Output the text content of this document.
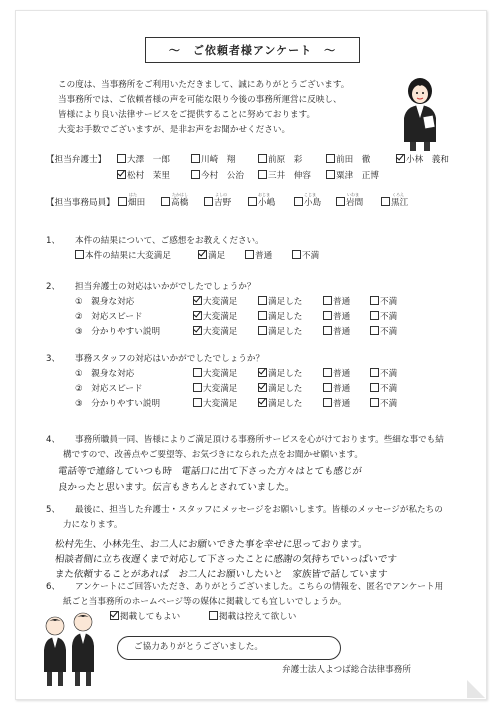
～　ご依頼者様アンケート　～
この度は、当事務所をご利用いただきまして、誠にありがとうございます。
当事務所では、ご依頼者様の声を可能な限り今後の事務所運営に反映し、
皆様により良い法律サービスをご提供することに努めております。
大変お手数でございますが、是非お声をお聞かせください。
【担当弁護士】	大澤　一郎	川崎　翔	前原　彩	前田　徹	小林　義和
松村　茉里	今村　公治	三井　伸容	粟津　正博
【担当事務局員】
はた	たかはし	よしの	おじま	こじま	いわま	くろえ
畑田	高橋	吉野	小嶋	小島	岩間	黒江
1、 本件の結果について、ご感想をお教えください。
本件の結果に大変満足	満足	普通	不満
2、 担当弁護士の対応はいかがでしたでしょうか？
3、 事務スタッフの対応はいかがでしたでしょうか？
4、 事務所職員一同、皆様によりご満足頂ける事務所サービスを心がけております。些細な事でも結
構ですので、改善点やご要望等、お気づきになられた点をお聞かせ願います。
電話等で連絡していつも時　電話口に出て下さった方々はとても感じが
良かったと思います。伝言もきちんとされていました。
5、 最後に、担当した弁護士・スタッフにメッセージをお願いします。皆様のメッセージが私たちの
力になります。
松村先生、小林先生、お二人にお願いできた事を幸せに思っております。
相談者側に立ち夜遅くまで対応して下さったことに感謝の気持ちでいっぱいです
また依頼することがあれば　お二人にお願いしたいと　家族皆で話しています
6、 アンケートにご回答いただき、ありがとうございました。こちらの情報を、匿名でアンケート用
紙ごと当事務所のホームページ等の媒体に掲載しても宜しいでしょうか。
掲載してもよい	掲載は控えて欲しい
ご協力ありがとうございました。
弁護士法人よつば総合法律事務所
①　親身な対応	大変満足	満足した	普通	不満
②　対応スピード	大変満足	満足した	普通	不満
③　分かりやすい説明	大変満足	満足した	普通	不満
①　親身な対応	大変満足	満足した	普通	不満
②　対応スピード	大変満足	満足した	普通	不満
③　分かりやすい説明	大変満足	満足した	普通	不満
